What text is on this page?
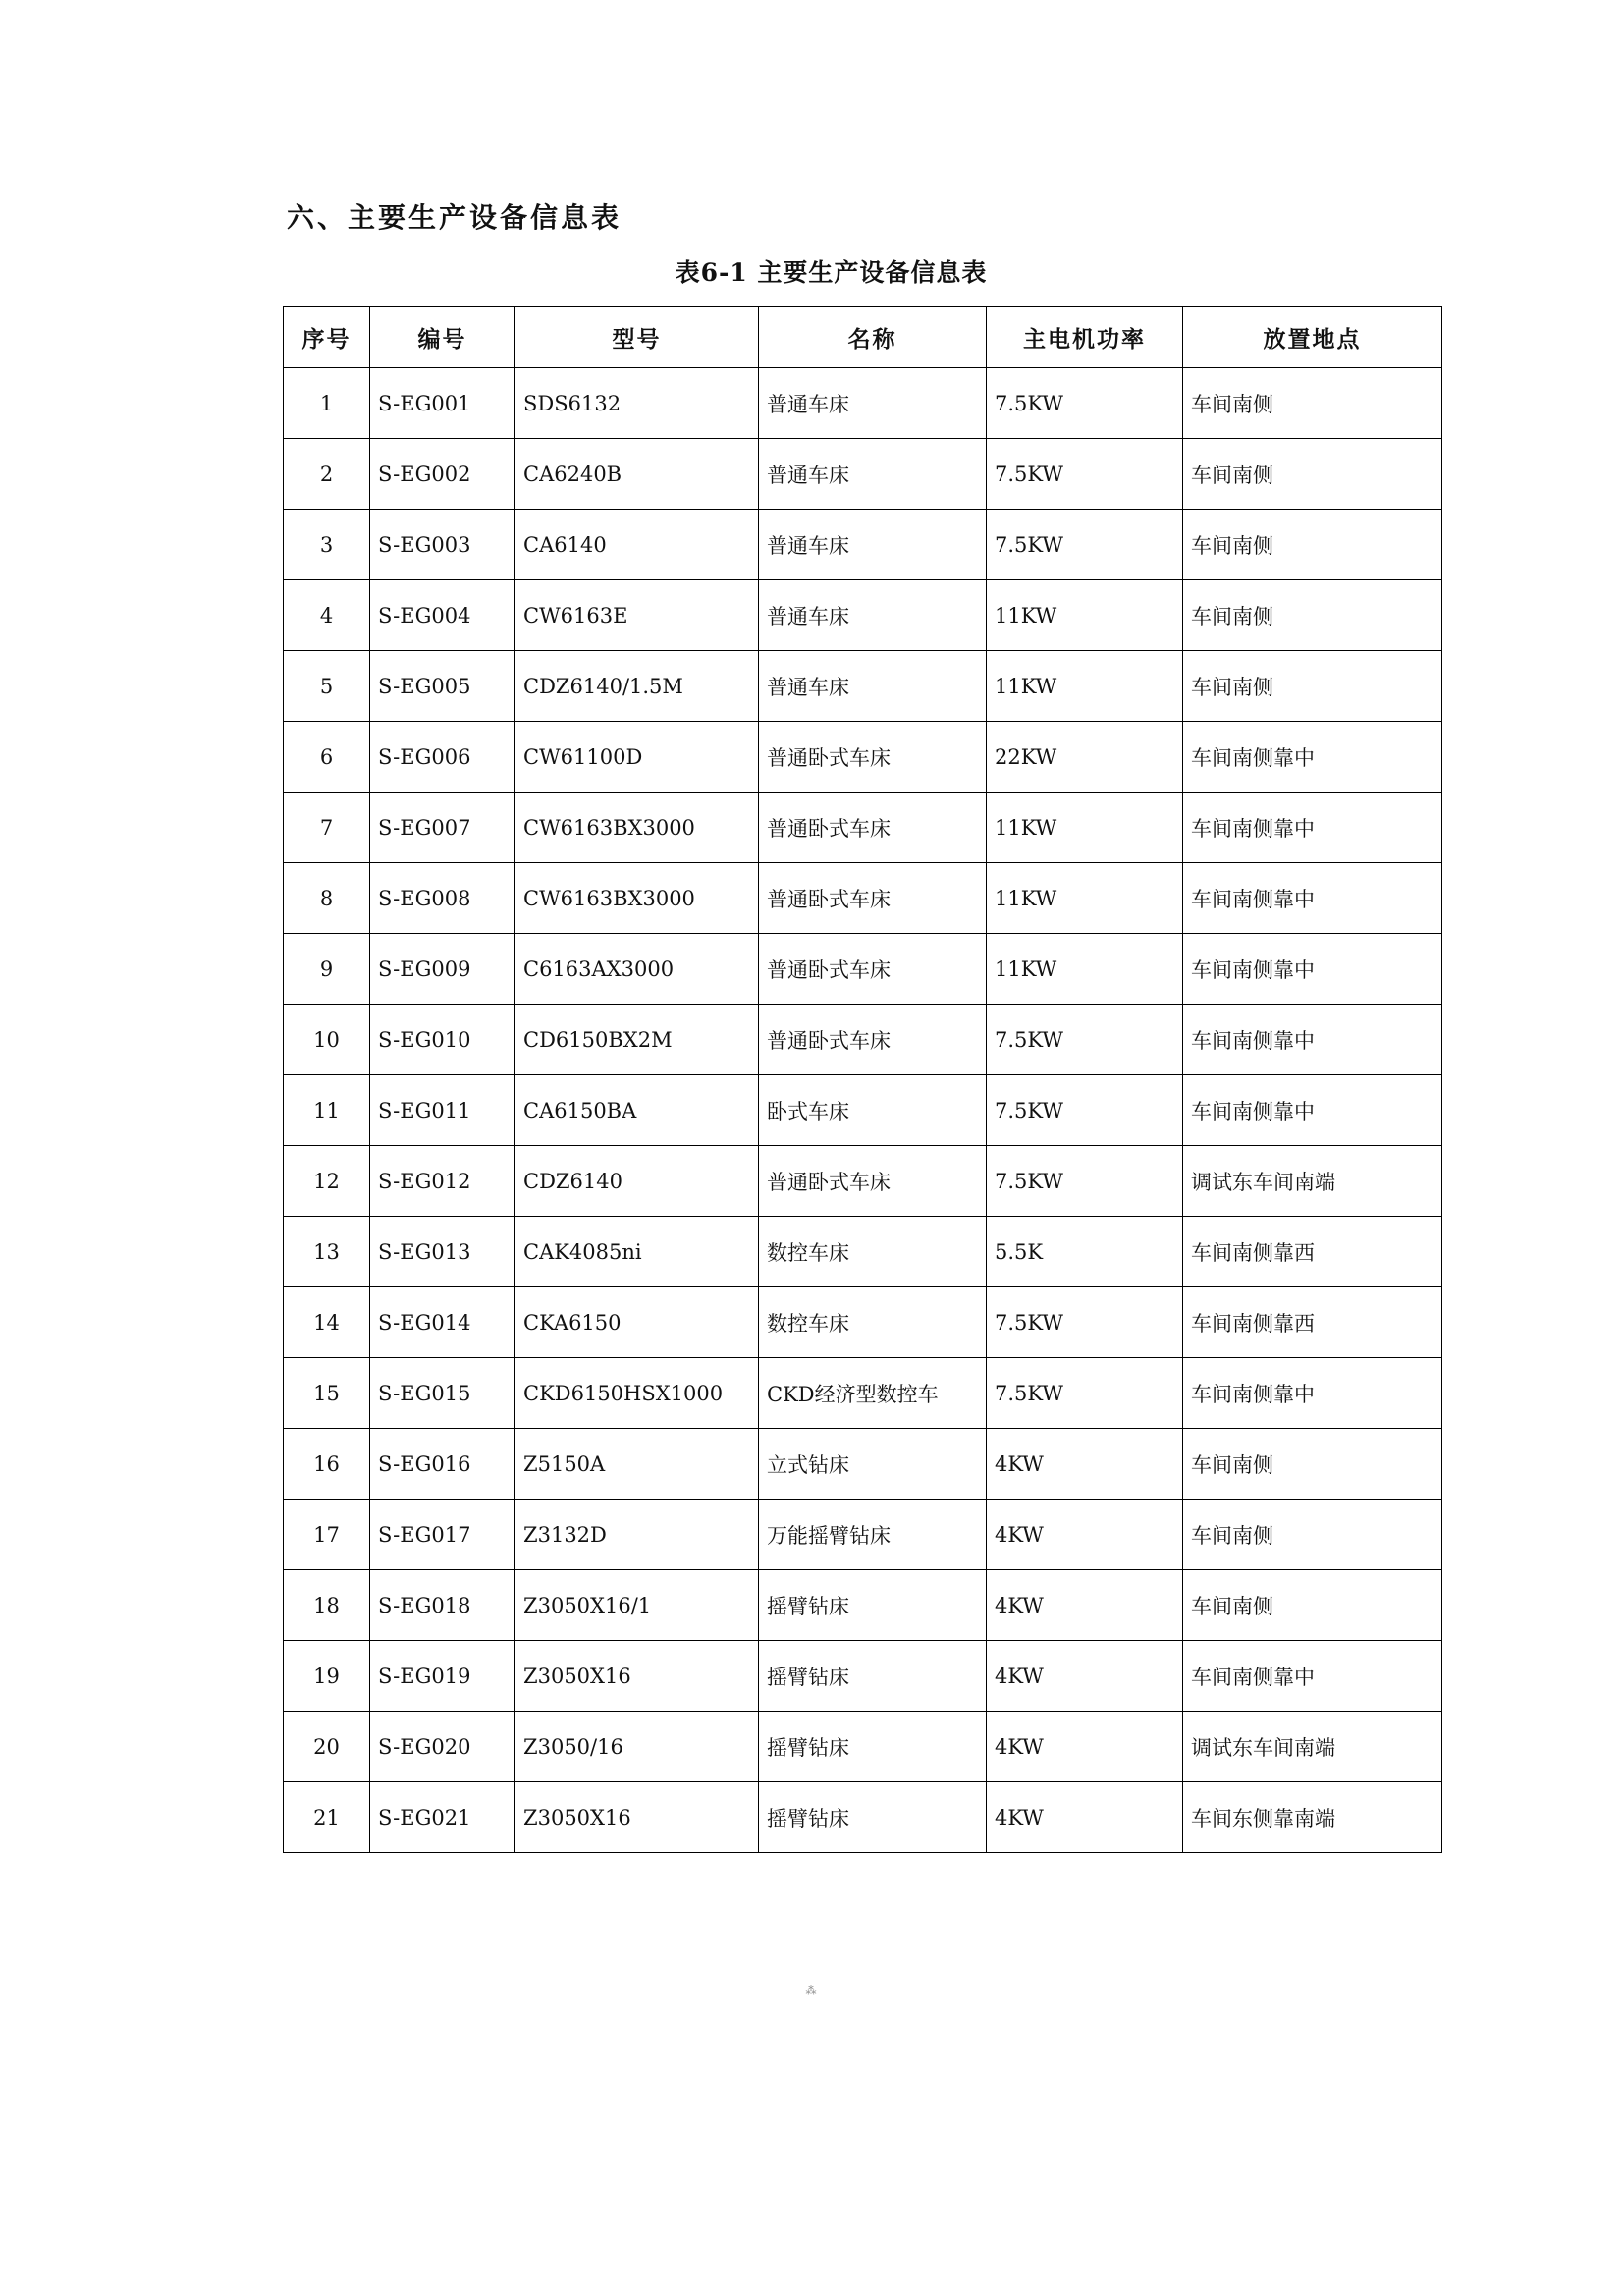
六、主要生产设备信息表
表6-1 主要生产设备信息表
序号	编号	型号	名称	主电机功率	放置地点
1	S-EG001	SDS6132	普通车床	7.5KW	车间南侧
2	S-EG002	CA6240B	普通车床	7.5KW	车间南侧
3	S-EG003	CA6140	普通车床	7.5KW	车间南侧
4	S-EG004	CW6163E	普通车床	11KW	车间南侧
5	S-EG005	CDZ6140/1.5M	普通车床	11KW	车间南侧
6	S-EG006	CW61100D	普通卧式车床	22KW	车间南侧靠中
7	S-EG007	CW6163BX3000	普通卧式车床	11KW	车间南侧靠中
8	S-EG008	CW6163BX3000	普通卧式车床	11KW	车间南侧靠中
9	S-EG009	C6163AX3000	普通卧式车床	11KW	车间南侧靠中
10	S-EG010	CD6150BX2M	普通卧式车床	7.5KW	车间南侧靠中
11	S-EG011	CA6150BA	卧式车床	7.5KW	车间南侧靠中
12	S-EG012	CDZ6140	普通卧式车床	7.5KW	调试东车间南端
13	S-EG013	CAK4085ni	数控车床	5.5K	车间南侧靠西
14	S-EG014	CKA6150	数控车床	7.5KW	车间南侧靠西
15	S-EG015	CKD6150HSX1000	CKD经济型数控车	7.5KW	车间南侧靠中
16	S-EG016	Z5150A	立式钻床	4KW	车间南侧
17	S-EG017	Z3132D	万能摇臂钻床	4KW	车间南侧
18	S-EG018	Z3050X16/1	摇臂钻床	4KW	车间南侧
19	S-EG019	Z3050X16	摇臂钻床	4KW	车间南侧靠中
20	S-EG020	Z3050/16	摇臂钻床	4KW	调试东车间南端
21	S-EG021	Z3050X16	摇臂钻床	4KW	车间东侧靠南端
⁂
